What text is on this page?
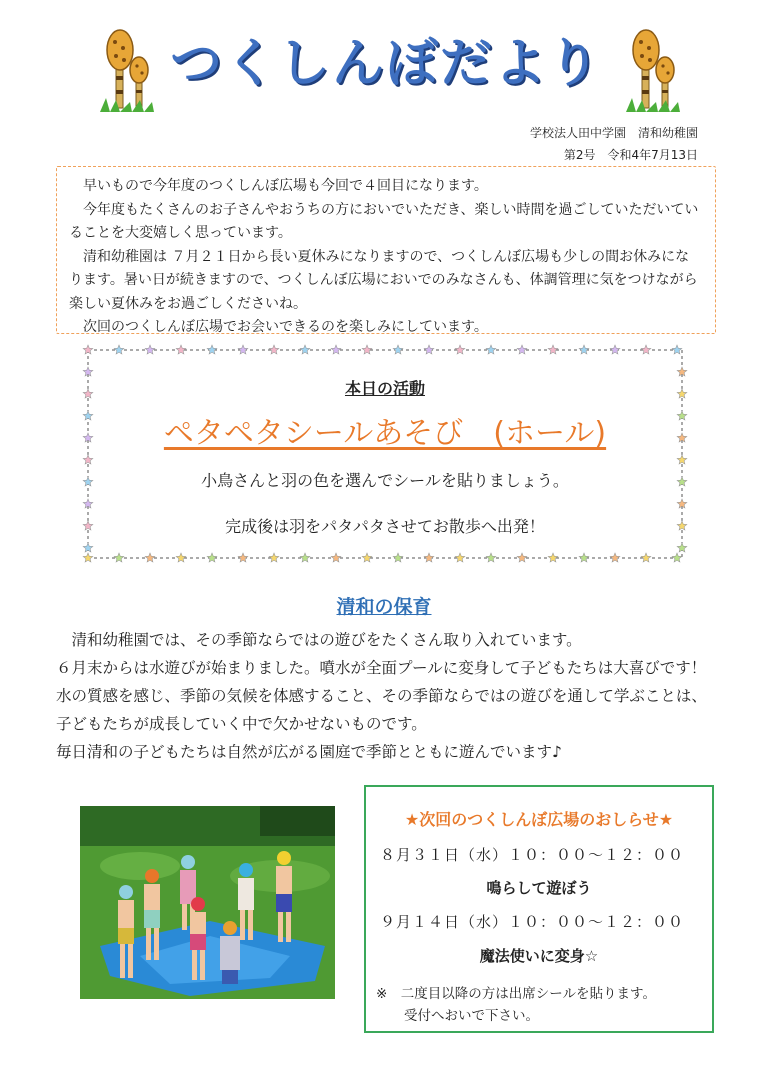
つくしんぼだより
学校法人田中学園　清和幼稚園
第2号　令和4年7月13日

　早いもので今年度のつくしんぼ広場も今回で４回目になります。

　今年度もたくさんのお子さんやおうちの方においでいただき、楽しい時間を過ごしていただいていることを大変嬉しく思っています。

　清和幼稚園は ７月２１日から長い夏休みになりますので、つくしんぼ広場も少しの間お休みになります。暑い日が続きますので、つくしんぼ広場においでのみなさんも、体調管理に気をつけながら楽しい夏休みをお過ごしくださいね。

　次回のつくしんぼ広場でお会いできるのを楽しみにしています。

本日の活動
ペタペタシールあそび　(ホール)
小鳥さんと羽の色を選んでシールを貼りましょう。
完成後は羽をパタパタさせてお散歩へ出発！
清和の保育

　清和幼稚園では、その季節ならではの遊びをたくさん取り入れています。

６月末からは水遊びが始まりました。噴水が全面プールに変身して子どもたちは大喜びです！水の質感を感じ、季節の気候を体感すること、その季節ならではの遊びを通して学ぶことは、子どもたちが成長していく中で欠かせないものです。

毎日清和の子どもたちは自然が広がる園庭で季節とともに遊んでいます♪

★次回のつくしんぼ広場のおしらせ★
８月３１日（水）１０：００〜１２：００
鳴らして遊ぼう
９月１４日（水）１０：００〜１２：００
魔法使いに変身☆
※　二度目以降の方は出席シールを貼ります。
受付へおいで下さい。
